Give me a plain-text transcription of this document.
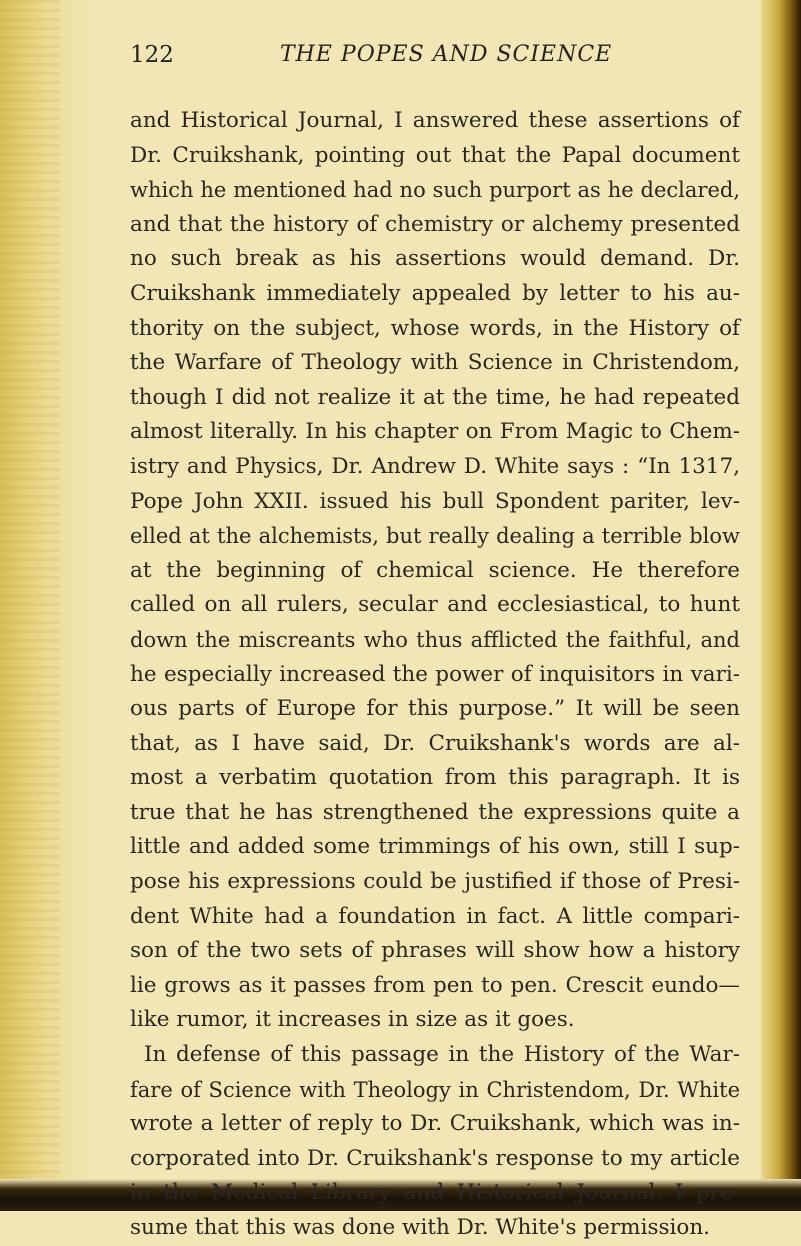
122	THE POPES AND SCIENCE
and Historical Journal, I answered these assertions of
Dr. Cruikshank, pointing out that the Papal document
which he mentioned had no such purport as he declared,
and that the history of chemistry or alchemy presented
no such break as his assertions would demand. Dr.
Cruikshank immediately appealed by letter to his au-
thority on the subject, whose words, in the History of
the Warfare of Theology with Science in Christendom,
though I did not realize it at the time, he had repeated
almost literally. In his chapter on From Magic to Chem-
istry and Physics, Dr. Andrew D. White says : “In 1317,
Pope John XXII. issued his bull Spondent pariter, lev-
elled at the alchemists, but really dealing a terrible blow
at the beginning of chemical science. He therefore
called on all rulers, secular and ecclesiastical, to hunt
down the miscreants who thus afflicted the faithful, and
he especially increased the power of inquisitors in vari-
ous parts of Europe for this purpose.” It will be seen
that, as I have said, Dr. Cruikshank's words are al-
most a verbatim quotation from this paragraph. It is
true that he has strengthened the expressions quite a
little and added some trimmings of his own, still I sup-
pose his expressions could be justified if those of Presi-
dent White had a foundation in fact. A little compari-
son of the two sets of phrases will show how a history
lie grows as it passes from pen to pen. Crescit eundo—
like rumor, it increases in size as it goes.
In defense of this passage in the History of the War-
fare of Science with Theology in Christendom, Dr. White
wrote a letter of reply to Dr. Cruikshank, which was in-
corporated into Dr. Cruikshank's response to my article
in the Medical Library and Historical Journal. I pre-
sume that this was done with Dr. White's permission.
